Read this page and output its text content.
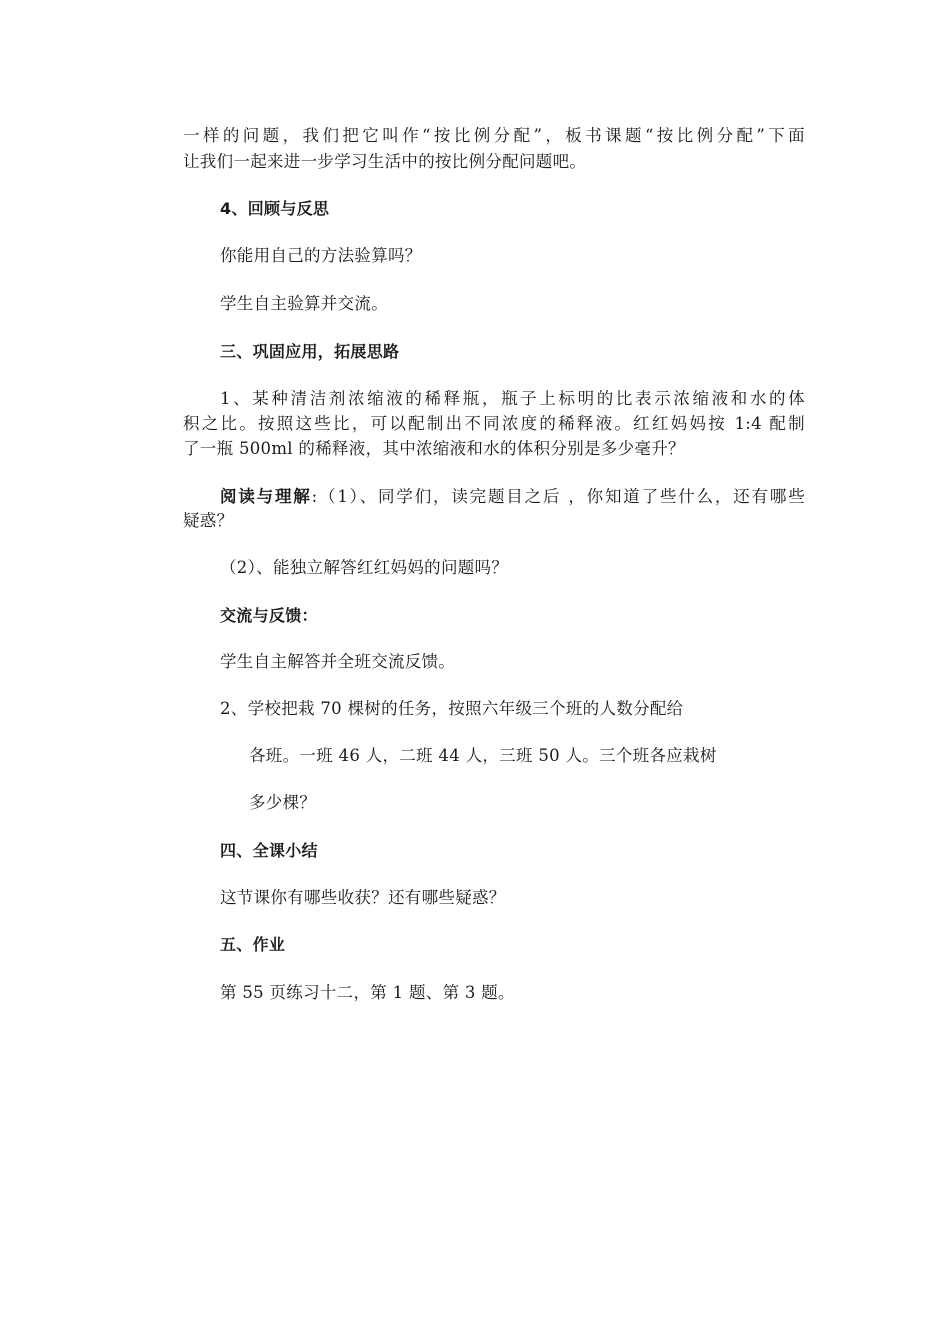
一样的问题，我们把它叫作“按比例分配”，板书课题“按比例分配”下面
让我们一起来进一步学习生活中的按比例分配问题吧。
4、回顾与反思
你能用自己的方法验算吗？
学生自主验算并交流。
三、巩固应用，拓展思路
1、某种清洁剂浓缩液的稀释瓶，瓶子上标明的比表示浓缩液和水的体
积之比。按照这些比，可以配制出不同浓度的稀释液。红红妈妈按 1:4 配制
了一瓶 500ml 的稀释液，其中浓缩液和水的体积分别是多少毫升？
阅读与理解:（1）、同学们，读完题目之后 ，你知道了些什么，还有哪些
疑惑？
（2）、能独立解答红红妈妈的问题吗？
交流与反馈：
学生自主解答并全班交流反馈。
2、学校把栽 70 棵树的任务，按照六年级三个班的人数分配给
各班。一班 46 人，二班 44 人，三班 50 人。三个班各应栽树
多少棵？
四、全课小结
这节课你有哪些收获？还有哪些疑惑？
五、作业
第 55 页练习十二，第 1 题、第 3 题。
